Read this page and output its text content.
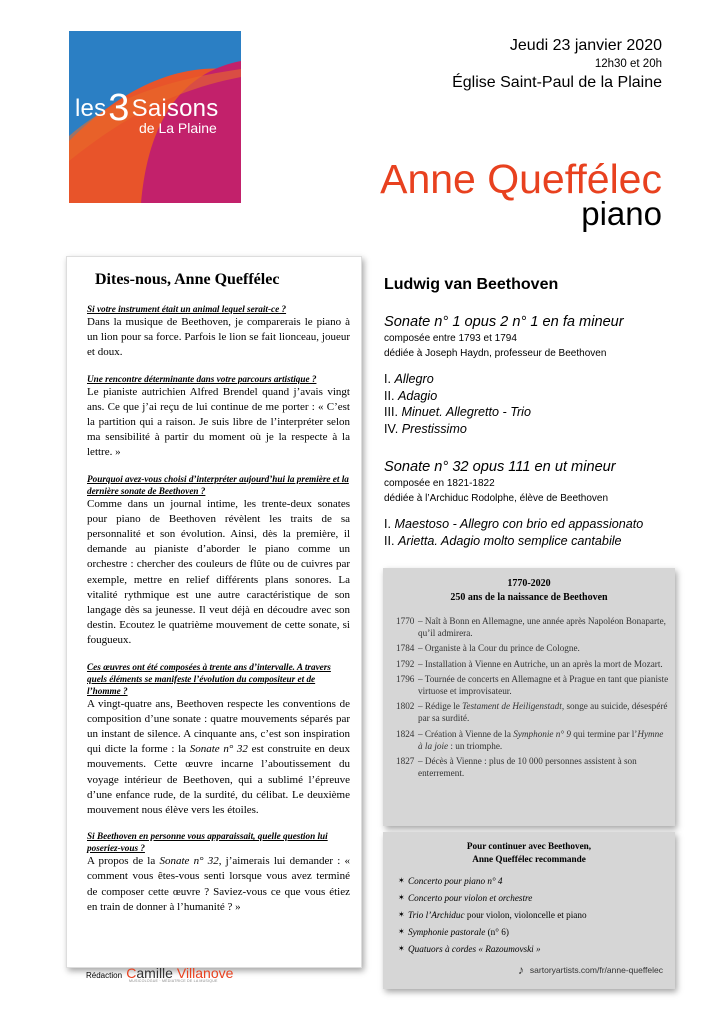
les3Saisons
de La Plaine
Jeudi 23 janvier 2020
12h30 et 20h
Église Saint-Paul de la Plaine
Anne Queffélec
piano
Dites-nous, Anne Queffélec
Si votre instrument était un animal lequel serait-ce ?
Dans la musique de Beethoven, je comparerais le piano à un lion pour sa force. Parfois le lion se fait lionceau, joueur et doux.
Une rencontre déterminante dans votre parcours artistique ?
Le pianiste autrichien Alfred Brendel quand j’avais vingt ans. Ce que j’ai reçu de lui continue de me porter : « C’est la partition qui a raison. Je suis libre de l’interpréter selon ma sensibilité à partir du moment où je la respecte à la lettre. »
Pourquoi avez-vous choisi d’interpréter aujourd’hui la première et la dernière sonate de Beethoven ?
Comme dans un journal intime, les trente-deux sonates pour piano de Beethoven révèlent les traits de sa personnalité et son évolution. Ainsi, dès la première, il demande au pianiste d’aborder le piano comme un orchestre : chercher des couleurs de flûte ou de cuivres par exemple, mettre en relief différents plans sonores. La vitalité rythmique est une autre caractéristique de son langage dès sa jeunesse. Il veut déjà en découdre avec son destin. Ecoutez le quatrième mouvement de cette sonate, si fougueux.
Ces œuvres ont été composées à trente ans d’intervalle. A travers quels éléments se manifeste l’évolution du compositeur et de l’homme ?
A vingt-quatre ans, Beethoven respecte les conventions de composition d’une sonate : quatre mouvements séparés par un instant de silence. A cinquante ans, c’est son inspiration qui dicte la forme : la Sonate n° 32 est construite en deux mouvements. Cette œuvre incarne l’aboutissement du voyage intérieur de Beethoven, qui a sublimé l’épreuve d’une enfance rude, de la surdité, du célibat. Le deuxième mouvement nous élève vers les étoiles.
Si Beethoven en personne vous apparaissait, quelle question lui poseriez-vous ?
A propos de la Sonate n° 32, j’aimerais lui demander : « comment vous êtes-vous senti lorsque vous avez terminé de composer cette œuvre ? Saviez-vous ce que vous étiez en train de donner à l’humanité ? »
Rédaction Camille Villanove
MUSICOLOGUE · MÉDIATRICE DE LA MUSIQUE
Ludwig van Beethoven
Sonate n° 1 opus 2 n° 1 en fa mineur
composée entre 1793 et 1794
dédiée à Joseph Haydn, professeur de Beethoven
I. Allegro
II. Adagio
III. Minuet. Allegretto - Trio
IV. Prestissimo
Sonate n° 32 opus 111 en ut mineur
composée en 1821-1822
dédiée à l’Archiduc Rodolphe, élève de Beethoven
I. Maestoso - Allegro con brio ed appassionato
II. Arietta. Adagio molto semplice cantabile
1770-2020
250 ans de la naissance de Beethoven
1770 – Naît à Bonn en Allemagne, une année après Napoléon Bonaparte, qu’il admirera.
1784 – Organiste à la Cour du prince de Cologne.
1792 – Installation à Vienne en Autriche, un an après la mort de Mozart.
1796 – Tournée de concerts en Allemagne et à Prague en tant que pianiste virtuose et improvisateur.
1802 – Rédige le Testament de Heiligenstadt, songe au suicide, désespéré par sa surdité.
1824 – Création à Vienne de la Symphonie n° 9 qui termine par l’Hymne à la joie : un triomphe.
1827 – Décès à Vienne : plus de 10 000 personnes assistent à son enterrement.
Pour continuer avec Beethoven,
Anne Queffélec recommande
✶ Concerto pour piano n° 4
✶ Concerto pour violon et orchestre
✶ Trio l’Archiduc pour violon, violoncelle et piano
✶ Symphonie pastorale (n° 6)
✶ Quatuors à cordes « Razoumovski »
♪ sartoryartists.com/fr/anne-queffelec
